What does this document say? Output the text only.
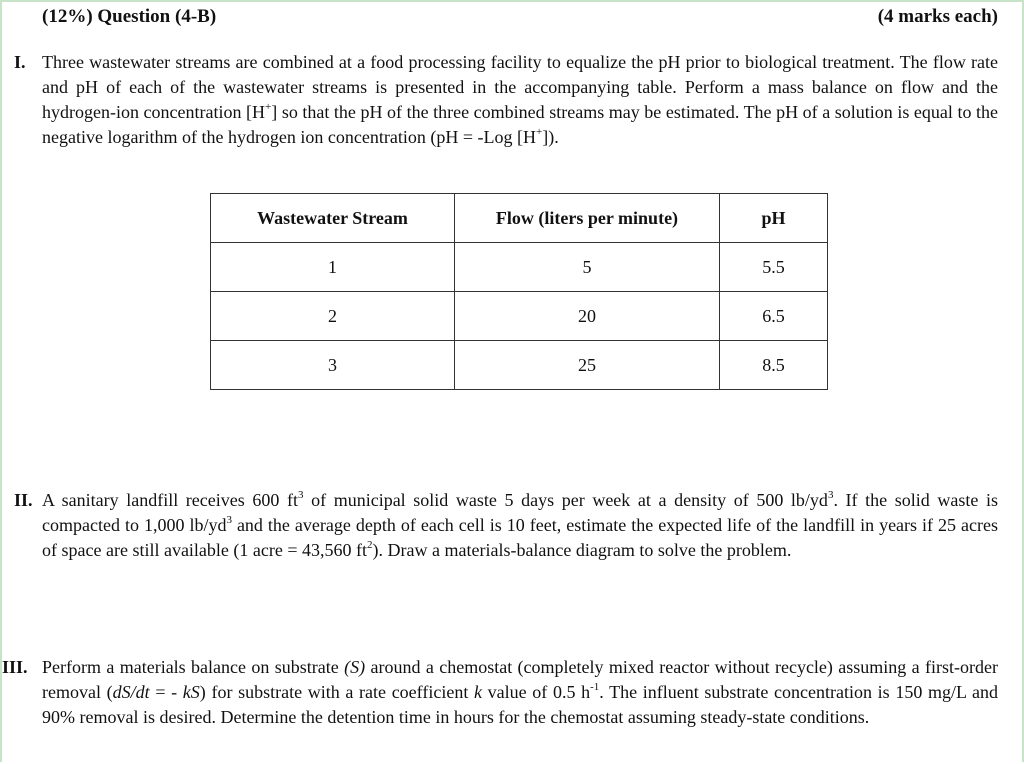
(12%) Question (4-B)	(4 marks each)
I. Three wastewater streams are combined at a food processing facility to equalize the pH prior to biological treatment. The flow rate and pH of each of the wastewater streams is presented in the accompanying table. Perform a mass balance on flow and the hydrogen-ion concentration [H+] so that the pH of the three combined streams may be estimated. The pH of a solution is equal to the negative logarithm of the hydrogen ion concentration (pH = -Log [H+]).
Wastewater Stream	Flow (liters per minute)	pH
1	5	5.5
2	20	6.5
3	25	8.5
II. A sanitary landfill receives 600 $ft^3$ of municipal solid waste 5 days per week at a density of 500 $lb/yd^3$. If the solid waste is compacted to 1,000 $lb/yd^3$ and the average depth of each cell is 10 feet, estimate the expected life of the landfill in years if 25 acres of space are still available (1 acre = 43,560 $ft^2$). Draw a materials-balance diagram to solve the problem.
III. Perform a materials balance on substrate (S) around a chemostat (completely mixed reactor without recycle) assuming a first-order removal (dS/dt = - kS) for substrate with a rate coefficient k value of 0.5 $h^{-1}$. The influent substrate concentration is 150 mg/L and 90% removal is desired. Determine the detention time in hours for the chemostat assuming steady-state conditions.
